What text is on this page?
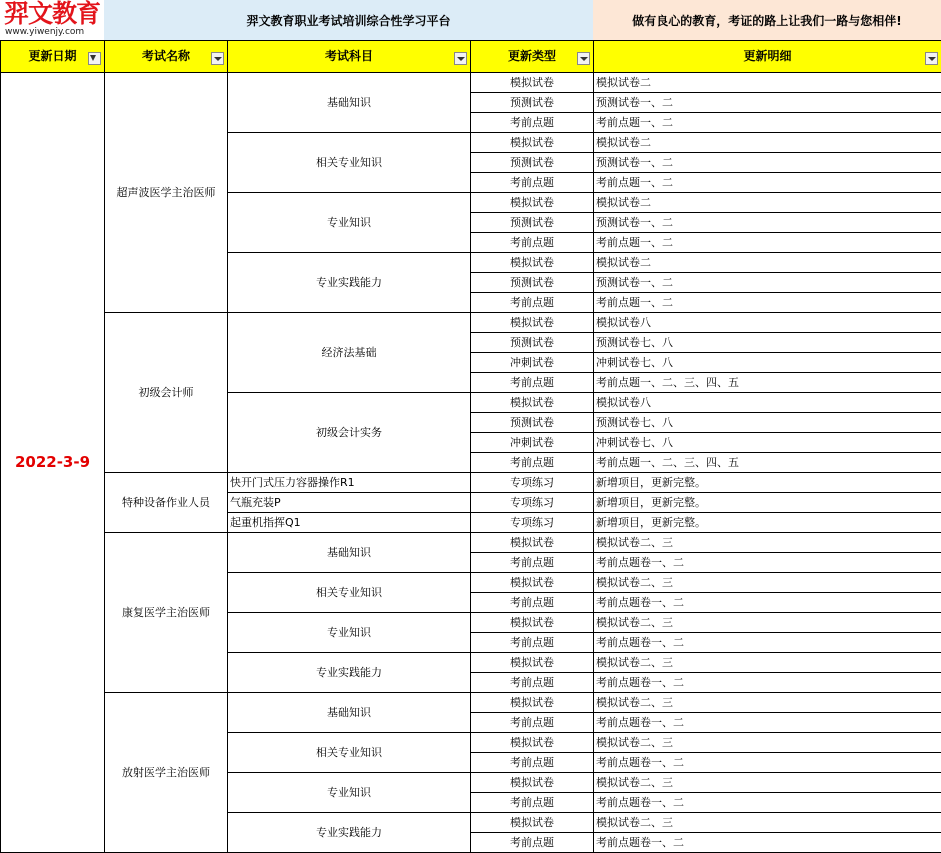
羿文教育
www.yiwenjy.com
羿文教育职业考试培训综合性学习平台	做有良心的教育，考证的路上让我们一路与您相伴!
更新日期	考试名称	考试科目	更新类型	更新明细

2022-3-9	超声波医学主治医师	基础知识	模拟试卷	模拟试卷二
			预测试卷	预测试卷一、二
			考前点题	考前点题一、二
		相关专业知识	模拟试卷	模拟试卷二
			预测试卷	预测试卷一、二
			考前点题	考前点题一、二
		专业知识	模拟试卷	模拟试卷二
			预测试卷	预测试卷一、二
			考前点题	考前点题一、二
		专业实践能力	模拟试卷	模拟试卷二
			预测试卷	预测试卷一、二
			考前点题	考前点题一、二
	初级会计师	经济法基础	模拟试卷	模拟试卷八
			预测试卷	预测试卷七、八
			冲刺试卷	冲刺试卷七、八
			考前点题	考前点题一、二、三、四、五
		初级会计实务	模拟试卷	模拟试卷八
			预测试卷	预测试卷七、八
			冲刺试卷	冲刺试卷七、八
			考前点题	考前点题一、二、三、四、五
	特种设备作业人员	快开门式压力容器操作R1	专项练习	新增项目，更新完整。
		气瓶充装P	专项练习	新增项目，更新完整。
		起重机指挥Q1	专项练习	新增项目，更新完整。
	康复医学主治医师	基础知识	模拟试卷	模拟试卷二、三
			考前点题	考前点题卷一、二
		相关专业知识	模拟试卷	模拟试卷二、三
			考前点题	考前点题卷一、二
		专业知识	模拟试卷	模拟试卷二、三
			考前点题	考前点题卷一、二
		专业实践能力	模拟试卷	模拟试卷二、三
			考前点题	考前点题卷一、二
	放射医学主治医师	基础知识	模拟试卷	模拟试卷二、三
			考前点题	考前点题卷一、二
		相关专业知识	模拟试卷	模拟试卷二、三
			考前点题	考前点题卷一、二
		专业知识	模拟试卷	模拟试卷二、三
			考前点题	考前点题卷一、二
		专业实践能力	模拟试卷	模拟试卷二、三
			考前点题	考前点题卷一、二
